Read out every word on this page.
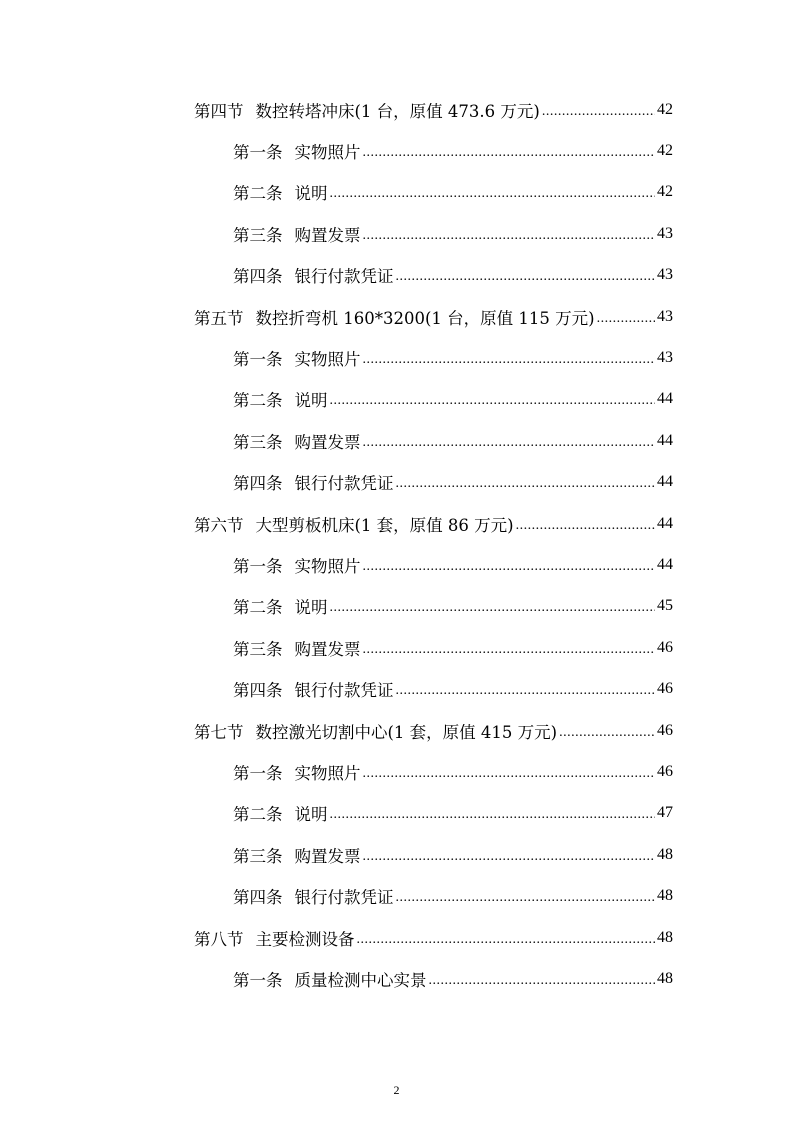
第四节 数控转塔冲床(1 台，原值 473.6 万元) .....	42
第一条 实物照片 .....	42
第二条 说明 .....	42
第三条 购置发票 .....	43
第四条 银行付款凭证 .....	43
第五节 数控折弯机 160*3200(1 台，原值 115 万元) .....	43
第一条 实物照片 .....	43
第二条 说明 .....	44
第三条 购置发票 .....	44
第四条 银行付款凭证 .....	44
第六节 大型剪板机床(1 套，原值 86 万元) .....	44
第一条 实物照片 .....	44
第二条 说明 .....	45
第三条 购置发票 .....	46
第四条 银行付款凭证 .....	46
第七节 数控激光切割中心(1 套，原值 415 万元) .....	46
第一条 实物照片 .....	46
第二条 说明 .....	47
第三条 购置发票 .....	48
第四条 银行付款凭证 .....	48
第八节 主要检测设备 .....	48
第一条 质量检测中心实景 .....	48
2
